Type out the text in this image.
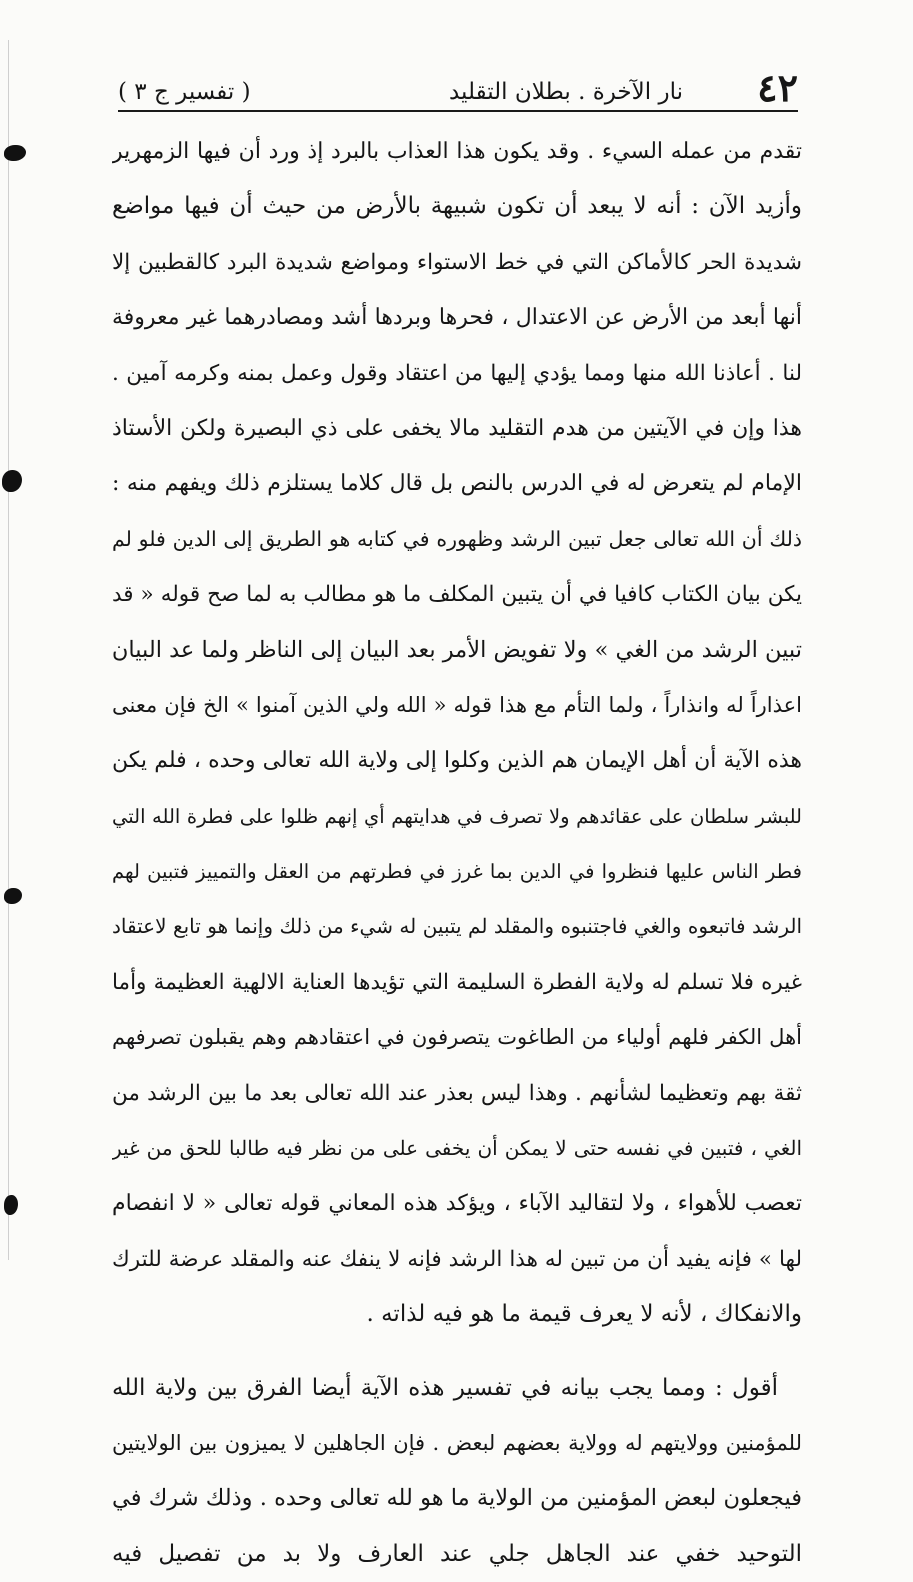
٤٢
نار الآخرة . بطلان التقليد
( تفسير ج ٣ )
تقدم من عمله السيء . وقد يكون هذا العذاب بالبرد إذ ورد أن فيها الزمهرير
وأزيد الآن : أنه لا يبعد أن تكون شبيهة بالأرض من حيث أن فيها مواضع
شديدة الحر كالأماكن التي في خط الاستواء ومواضع شديدة البرد كالقطبين إلا
أنها أبعد من الأرض عن الاعتدال ، فحرها وبردها أشد ومصادرهما غير معروفة
لنا . أعاذنا الله منها ومما يؤدي إليها من اعتقاد وقول وعمل بمنه وكرمه آمين .
هذا وإن في الآيتين من هدم التقليد مالا يخفى على ذي البصيرة ولكن الأستاذ
الإمام لم يتعرض له في الدرس بالنص بل قال كلاما يستلزم ذلك ويفهم منه :
ذلك أن الله تعالى جعل تبين الرشد وظهوره في كتابه هو الطريق إلى الدين فلو لم
يكن بيان الكتاب كافيا في أن يتبين المكلف ما هو مطالب به لما صح قوله « قد
تبين الرشد من الغي » ولا تفويض الأمر بعد البيان إلى الناظر ولما عد البيان
اعذاراً له وانذاراً ، ولما التأم مع هذا قوله « الله ولي الذين آمنوا » الخ فإن معنى
هذه الآية أن أهل الإيمان هم الذين وكلوا إلى ولاية الله تعالى وحده ، فلم يكن
للبشر سلطان على عقائدهم ولا تصرف في هدايتهم أي إنهم ظلوا على فطرة الله التي
فطر الناس عليها فنظروا في الدين بما غرز في فطرتهم من العقل والتمييز فتبين لهم
الرشد فاتبعوه والغي فاجتنبوه والمقلد لم يتبين له شيء من ذلك وإنما هو تابع لاعتقاد
غيره فلا تسلم له ولاية الفطرة السليمة التي تؤيدها العناية الالهية العظيمة وأما
أهل الكفر فلهم أولياء من الطاغوت يتصرفون في اعتقادهم وهم يقبلون تصرفهم
ثقة بهم وتعظيما لشأنهم . وهذا ليس بعذر عند الله تعالى بعد ما بين الرشد من
الغي ، فتبين في نفسه حتى لا يمكن أن يخفى على من نظر فيه طالبا للحق من غير
تعصب للأهواء ، ولا لتقاليد الآباء ، ويؤكد هذه المعاني قوله تعالى « لا انفصام
لها » فإنه يفيد أن من تبين له هذا الرشد فإنه لا ينفك عنه والمقلد عرضة للترك
والانفكاك ، لأنه لا يعرف قيمة ما هو فيه لذاته .
أقول : ومما يجب بيانه في تفسير هذه الآية أيضا الفرق بين ولاية الله
للمؤمنين وولايتهم له وولاية بعضهم لبعض . فإن الجاهلين لا يميزون بين الولايتين
فيجعلون لبعض المؤمنين من الولاية ما هو لله تعالى وحده . وذلك شرك في
التوحيد خفي عند الجاهل جلي عند العارف ولا بد من تفصيل فيه
